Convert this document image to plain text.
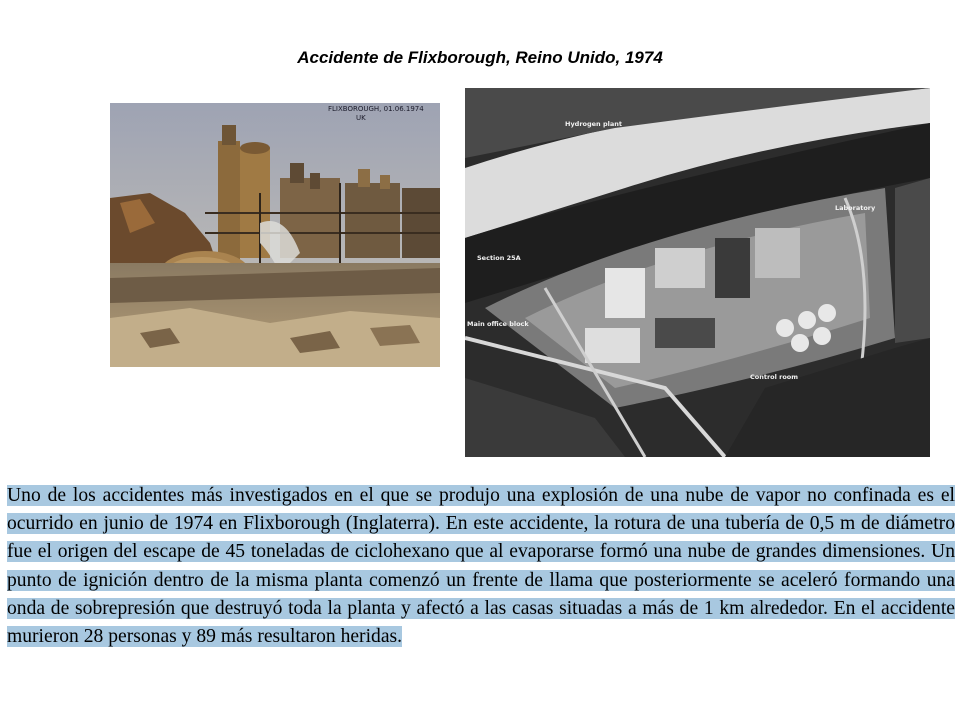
Accidente de Flixborough, Reino Unido, 1974
FLIXBOROUGH, 01.06.1974
UK
Hydrogen plant
Laboratory
Section 25A
Main office block
Control room
Uno de los accidentes más investigados en el que se produjo una explosión de una nube de vapor no confinada es el ocurrido en junio de 1974 en Flixborough (Inglaterra). En este accidente, la rotura de una tubería de 0,5 m de diámetro fue el origen del escape de 45 toneladas de ciclohexano que al evaporarse formó una nube de grandes dimensiones. Un punto de ignición dentro de la misma planta comenzó un frente de llama que posteriormente se aceleró formando una onda de sobrepresión que destruyó toda la planta y afectó a las casas situadas a más de 1 km alrededor. En el accidente murieron 28 personas y 89 más resultaron heridas.
